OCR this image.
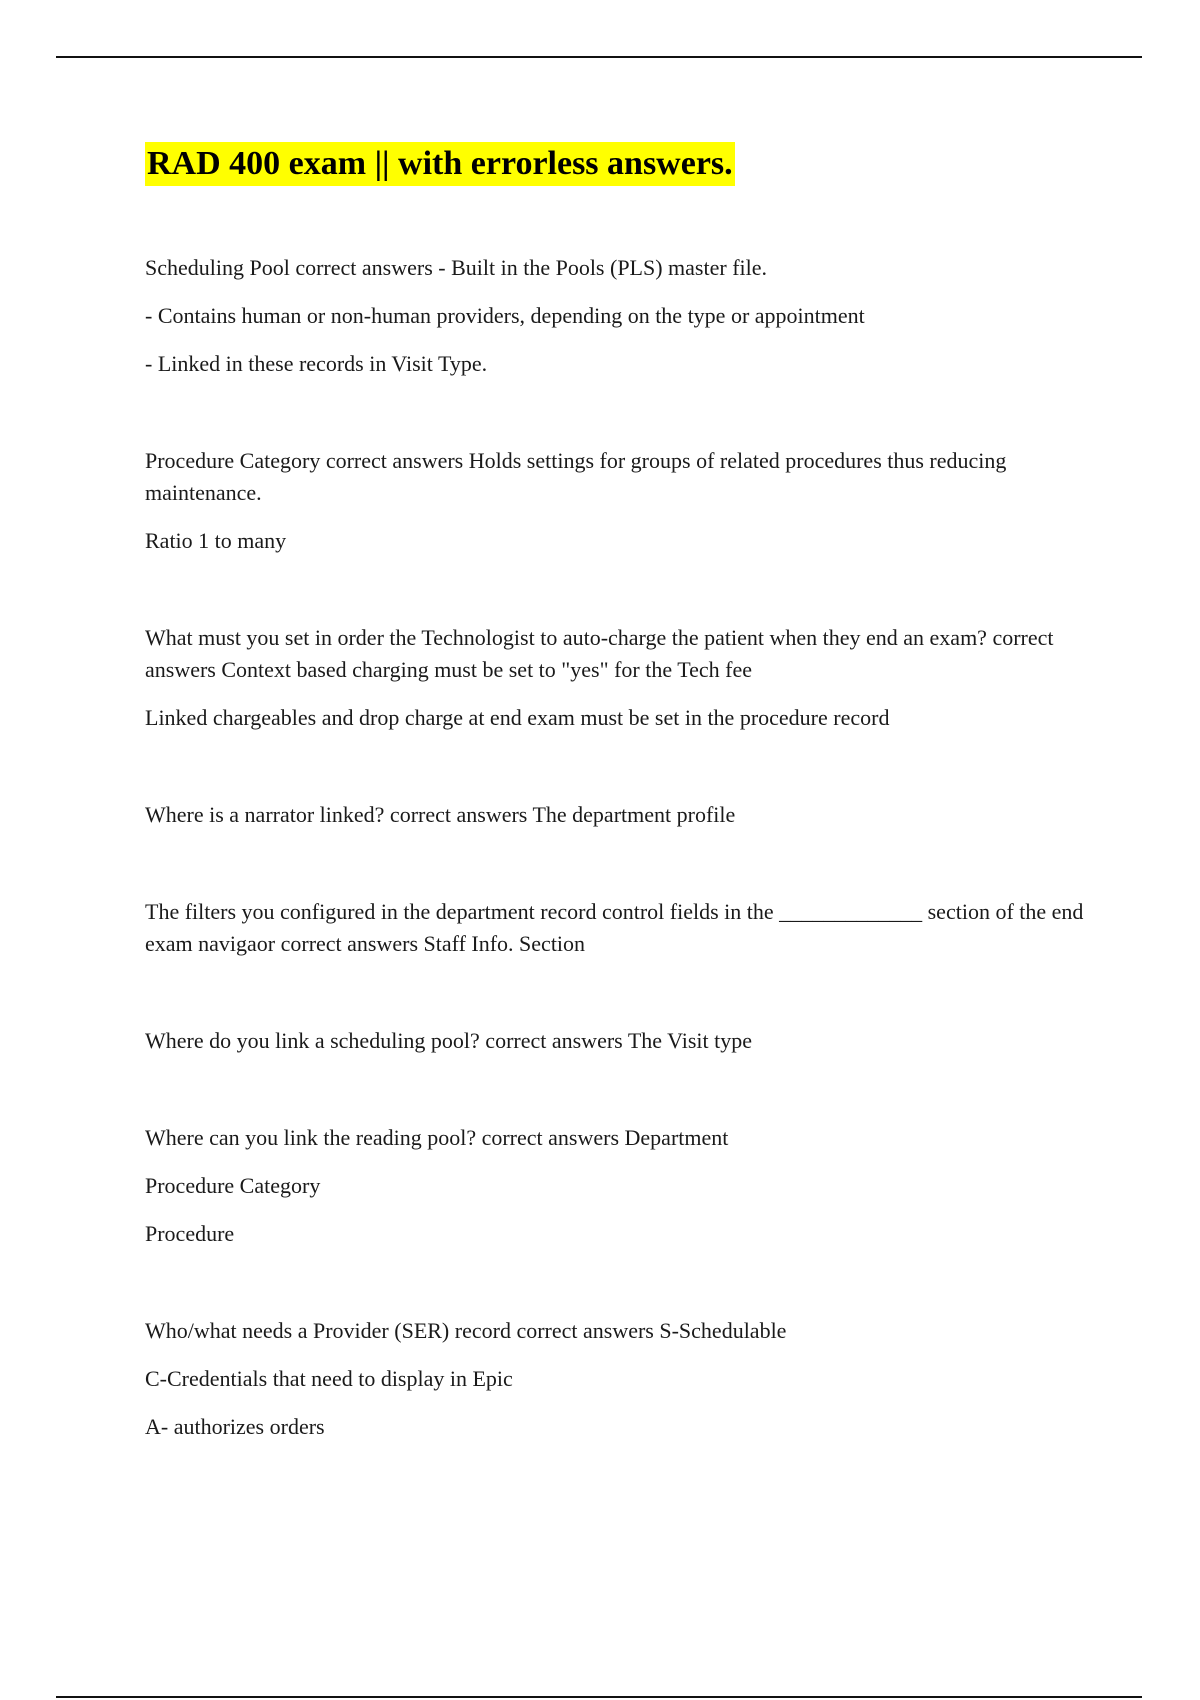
RAD 400 exam || with errorless answers.

Scheduling Pool correct answers - Built in the Pools (PLS) master file.

- Contains human or non-human providers, depending on the type or appointment

- Linked in these records in Visit Type.

Procedure Category correct answers Holds settings for groups of related procedures thus reducing maintenance.

Ratio 1 to many

What must you set in order the Technologist to auto-charge the patient when they end an exam? correct answers Context based charging must be set to "yes" for the Tech fee

Linked chargeables and drop charge at end exam must be set in the procedure record

Where is a narrator linked? correct answers The department profile

The filters you configured in the department record control fields in the _____________ section of the end exam navigaor correct answers Staff Info. Section

Where do you link a scheduling pool? correct answers The Visit type

Where can you link the reading pool? correct answers Department

Procedure Category

Procedure

Who/what needs a Provider (SER) record correct answers S-Schedulable

C-Credentials that need to display in Epic

A- authorizes orders
